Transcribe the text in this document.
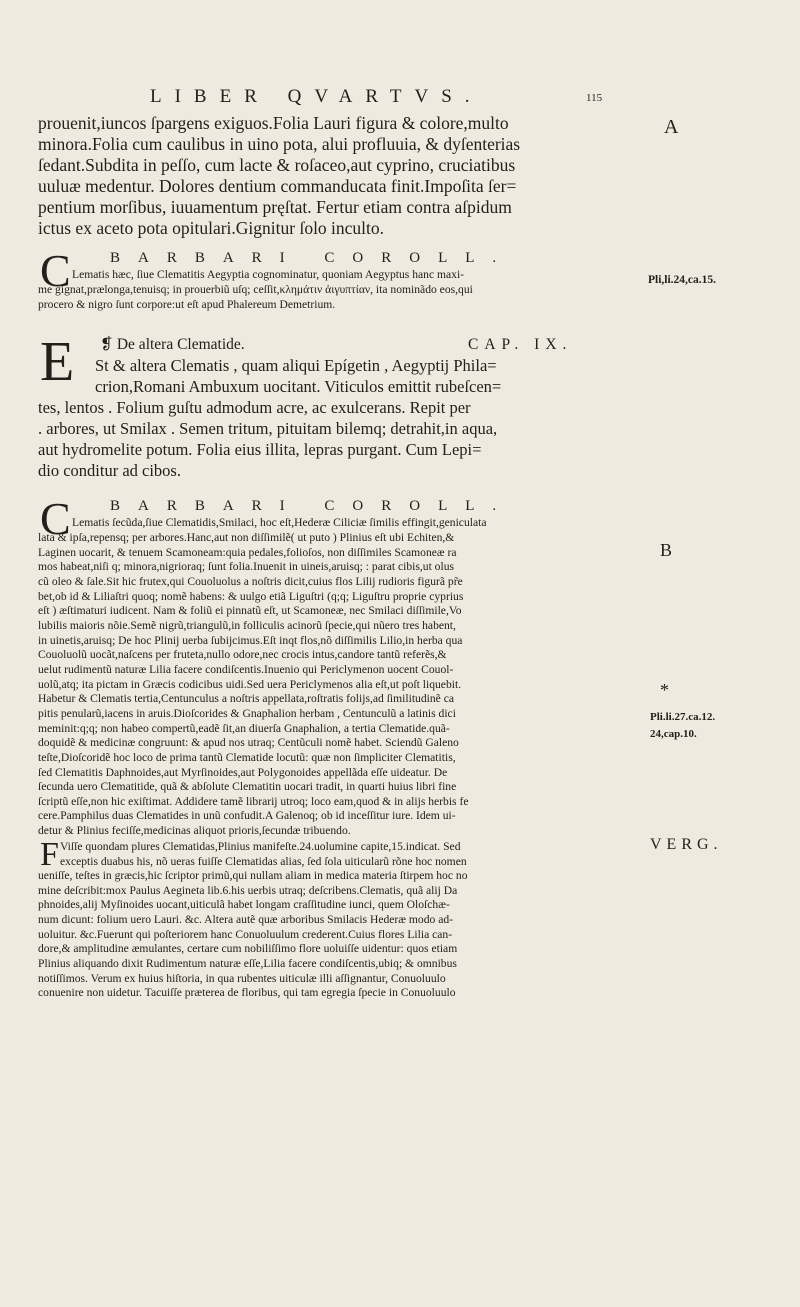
LIBER QVARTVS.	115
prouenit,iuncos ſpargens exiguos.Folia Lauri figura & colore,multo
minora.Folia cum caulibus in uino pota, alui profluuia, & dyſenterias
ſedant.Subdita in peſſo, cum lacte & roſaceo,aut cyprino, cruciatibus
uuluæ medentur. Dolores dentium commanducata finit.Impoſita ſer=
pentium morſibus, iuuamentum pręſtat. Fertur etiam contra aſpidum
ictus ex aceto pota opitulari.Gignitur ſolo inculto.
C	BARBARI COROLL.
Lematis hæc, ſiue Clematitis Aegyptia cognominatur, quoniam Aegyptus hanc maxi-
me gignat,prælonga,tenuisq; in prouerbiũ uſq; ceſſit,κλημάτιν ἀιγυπτίαν, ita nominãdo eos,qui
procero & nigro ſunt corpore:ut eſt apud Phalereum Demetrium.
E ❡ De altera Clematide.	CAP. IX.
St & altera Clematis , quam aliqui Epígetin , Aegyptij Phila=
crion,Romani Ambuxum uocitant. Viticulos emittit rubeſcen=
tes, lentos . Folium guſtu admodum acre, ac exulcerans. Repit per
. arbores, ut Smilax . Semen tritum, pituitam bilemq; detrahit,in aqua,
aut hydromelite potum. Folia eius illita, lepras purgant. Cum Lepi=
dio conditur ad cibos.
C	BARBARI COROLL.
Lematis ſecũda,ſiue Clematidis,Smilaci, hoc eſt,Hederæ Ciliciæ ſimilis effingit,geniculata
lata & ipſa,repensq; per arbores.Hanc,aut non diſſimilẽ( ut puto ) Plinius eſt ubi Echiten,&
Laginen uocarit, & tenuem Scamoneam:quia pedales,folioſos, non diſſimiles Scamoneæ ra
mos habeat,niſi q; minora,nigrioraq; ſunt folia.Inuenit in uineis,aruisq; : parat cibis,ut olus
cũ oleo & ſale.Sit hic frutex,qui Couoluolus a noſtris dicit,cuius flos Lilij rudioris figurã pr̃e
bet,ob id & Liliaſtri quoq; nomẽ habens: & uulgo etiã Liguſtri (q;q; Liguſtru proprie cyprius
eſt ) æſtimaturi iudicent. Nam & foliũ ei pinnatũ eſt, ut Scamoneæ, nec Smilaci diſſimile,Vo
lubilis maioris nõie.Semẽ nigrũ,triangulũ,in folliculis acinorũ ſpecie,qui nũero tres habent,
in uinetis,aruisq; De hoc Plinij uerba ſubijcimus.Eſt inqt flos,nõ diſſimilis Lilio,in herba qua
Couoluolũ uocãt,naſcens per fruteta,nullo odore,nec crocis intus,candore tantũ referẽs,&
uelut rudimentũ naturæ Lilia facere condiſcentis.Inuenio qui Periclymenon uocent Couol-
uolũ,atq; ita pictam in Græcis codicibus uidi.Sed uera Periclymenos alia eſt,ut poſt liquebit.
Habetur & Clematis tertia,Centunculus a noſtris appellata,roſtratis folijs,ad ſimilitudinẽ ca
pitis penularũ,iacens in aruis.Dioſcorides & Gnaphalion herbam , Centunculũ a latinis dici
meminit:q;q; non habeo compertũ,eadẽ ſit,an diuerſa Gnaphalion, a tertia Clematide.quã-
doquidẽ & medicinæ congruunt: & apud nos utraq; Centũculi nomẽ habet. Sciendũ Galeno
teſte,Dioſcoridẽ hoc loco de prima tantũ Clematide locutũ: quæ non ſimpliciter Clematitis,
ſed Clematitis Daphnoides,aut Myrſinoides,aut Polygonoides appellãda eſſe uideatur. De
ſecunda uero Clematitide, quã & abſolute Clematitin uocari tradit, in quarti huius libri fine
ſcriptũ eſſe,non hic exiſtimat. Addidere tamẽ librarij utroq; loco eam,quod & in alijs herbis fe
cere.Pamphilus duas Clematides in unũ confudit.A Galenoq; ob id inceſſitur iure. Idem ui-
detur & Plinius feciſſe,medicinas aliquot prioris,ſecundæ tribuendo.
F Viſſe quondam plures Clematidas,Plinius manifeſte.24.uolumine capite,15.indicat. Sed
exceptis duabus his, nõ ueras fuiſſe Clematidas alias, ſed ſola uiticularũ rõne hoc nomen
ueniſſe, teſtes in græcis,hic ſcriptor primũ,qui nullam aliam in medica materia ſtirpem hoc no
mine deſcribit:mox Paulus Aegineta lib.6.his uerbis utraq; deſcribens.Clematis, quã alij Da
phnoides,alij Myſinoides uocant,uiticulã habet longam craſſitudine iunci, quem Oloſchæ-
num dicunt: folium uero Lauri. &c. Altera autẽ quæ arboribus Smilacis Hederæ modo ad-
uoluitur. &c.Fuerunt qui poſteriorem hanc Conuoluulum crederent.Cuius flores Lilia can-
dore,& amplitudine æmulantes, certare cum nobiliſſimo flore uoluiſſe uidentur: quos etiam
Plinius aliquando dixit Rudimentum naturæ eſſe,Lilia facere condiſcentis,ubiq; & omnibus
notiſſimos. Verum ex huius hiſtoria, in qua rubentes uiticulæ illi aſſignantur, Conuoluulo
conuenire non uidetur. Tacuiſſe præterea de floribus, qui tam egregia ſpecie in Conuoluulo
A
Pli,li.24,ca.15.
B
*
Pli.li.27.ca.12.
24,cap.10.
VERG.
